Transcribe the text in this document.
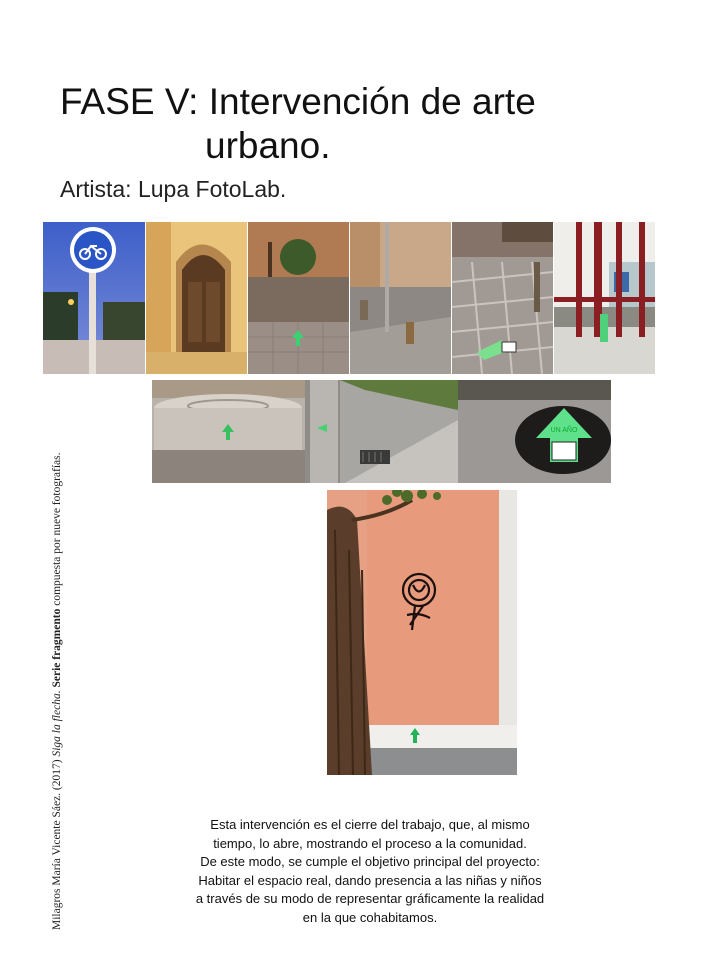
FASE V: Intervención de arte
urbano.
Artista: Lupa FotoLab.
UN AÑO
Milagros María Vicente Sáez. (2017) Siga la flecha. Serie fragmento compuesta por nueve fotografías.
Esta intervención es el cierre del trabajo, que, al mismo
tiempo, lo abre, mostrando el proceso a la comunidad.
De este modo, se cumple el objetivo principal del proyecto:
Habitar el espacio real, dando presencia a las niñas y niños
a través de su modo de representar gráficamente la realidad
en la que cohabitamos.
